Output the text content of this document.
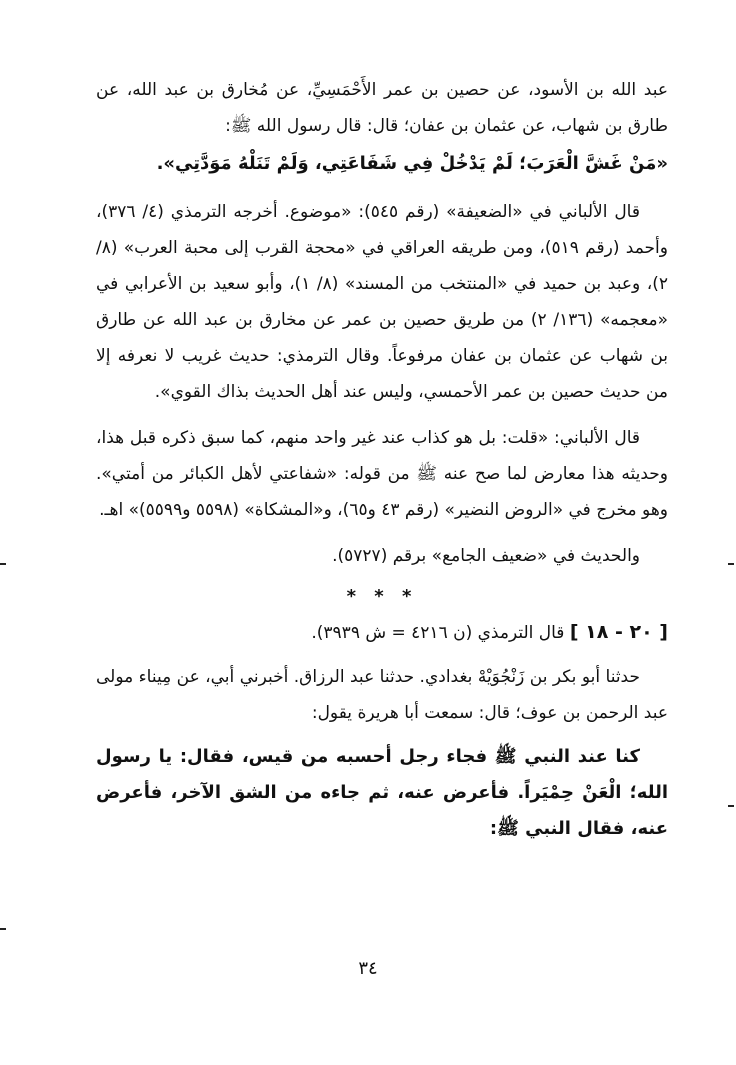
عبد الله بن الأسود، عن حصين بن عمر الأَحْمَسِيِّ، عن مُخارق بن عبد الله، عن طارق بن شهاب، عن عثمان بن عفان؛ قال: قال رسول الله ﷺ:

«مَنْ غَشَّ الْعَرَبَ؛ لَمْ يَدْخُلْ فِي شَفَاعَتِي، وَلَمْ تَنَلْهُ مَوَدَّتِي».

قال الألباني في «الضعيفة» (رقم ٥٤٥): «موضوع. أخرجه الترمذي (٤/ ٣٧٦)، وأحمد (رقم ٥١٩)، ومن طريقه العراقي في «محجة القرب إلى محبة العرب» (٨/ ٢)، وعبد بن حميد في «المنتخب من المسند» (٨/ ١)، وأبو سعيد بن الأعرابي في «معجمه» (١٣٦/ ٢) من طريق حصين بن عمر عن مخارق بن عبد الله عن طارق بن شهاب عن عثمان بن عفان مرفوعاً. وقال الترمذي: حديث غريب لا نعرفه إلا من حديث حصين بن عمر الأحمسي، وليس عند أهل الحديث بذاك القوي».

قال الألباني: «قلت: بل هو كذاب عند غير واحد منهم، كما سبق ذكره قبل هذا، وحديثه هذا معارض لما صح عنه ﷺ من قوله: «شفاعتي لأهل الكبائر من أمتي». وهو مخرج في «الروض النضير» (رقم ٤٣ و٦٥)، و«المشكاة» (٥٥٩٨ و٥٥٩٩)» اهـ.

والحديث في «ضعيف الجامع» برقم (٥٧٢٧).

* * *

[ ٢٠ - ١٨ ] قال الترمذي (ن ٤٢١٦ = ش ٣٩٣٩).

حدثنا أبو بكر بن زَنْجُوَيْهْ بغدادي. حدثنا عبد الرزاق. أخبرني أبي، عن مِيناء مولى عبد الرحمن بن عوف؛ قال: سمعت أبا هريرة يقول:

كنا عند النبي ﷺ فجاء رجل أحسبه من قيس، فقال: يا رسول الله؛ الْعَنْ حِمْيَراً. فأعرض عنه، ثم جاءه من الشق الآخر، فأعرض عنه، فقال النبي ﷺ:

٣٤
